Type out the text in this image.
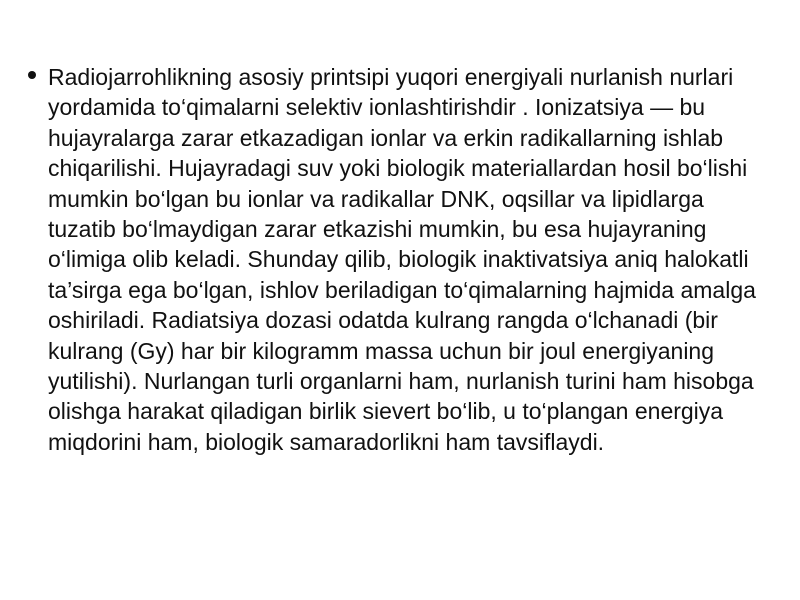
Radiojarrohlikning asosiy printsipi yuqori energiyali nurlanish nurlari yordamida to‘qimalarni selektiv ionlashtirishdir . Ionizatsiya — bu hujayralarga zarar etkazadigan ionlar va erkin radikallarning ishlab chiqarilishi. Hujayradagi suv yoki biologik materiallardan hosil bo‘lishi mumkin bo‘lgan bu ionlar va radikallar DNK, oqsillar va lipidlarga tuzatib bo‘lmaydigan zarar etkazishi mumkin, bu esa hujayraning o‘limiga olib keladi. Shunday qilib, biologik inaktivatsiya aniq halokatli ta’sirga ega bo‘lgan, ishlov beriladigan to‘qimalarning hajmida amalga oshiriladi. Radiatsiya dozasi odatda kulrang rangda o‘lchanadi (bir kulrang (Gy) har bir kilogramm massa uchun bir joul energiyaning yutilishi). Nurlangan turli organlarni ham, nurlanish turini ham hisobga olishga harakat qiladigan birlik sievert bo‘lib, u to‘plangan energiya miqdorini ham, biologik samaradorlikni ham tavsiflaydi.
